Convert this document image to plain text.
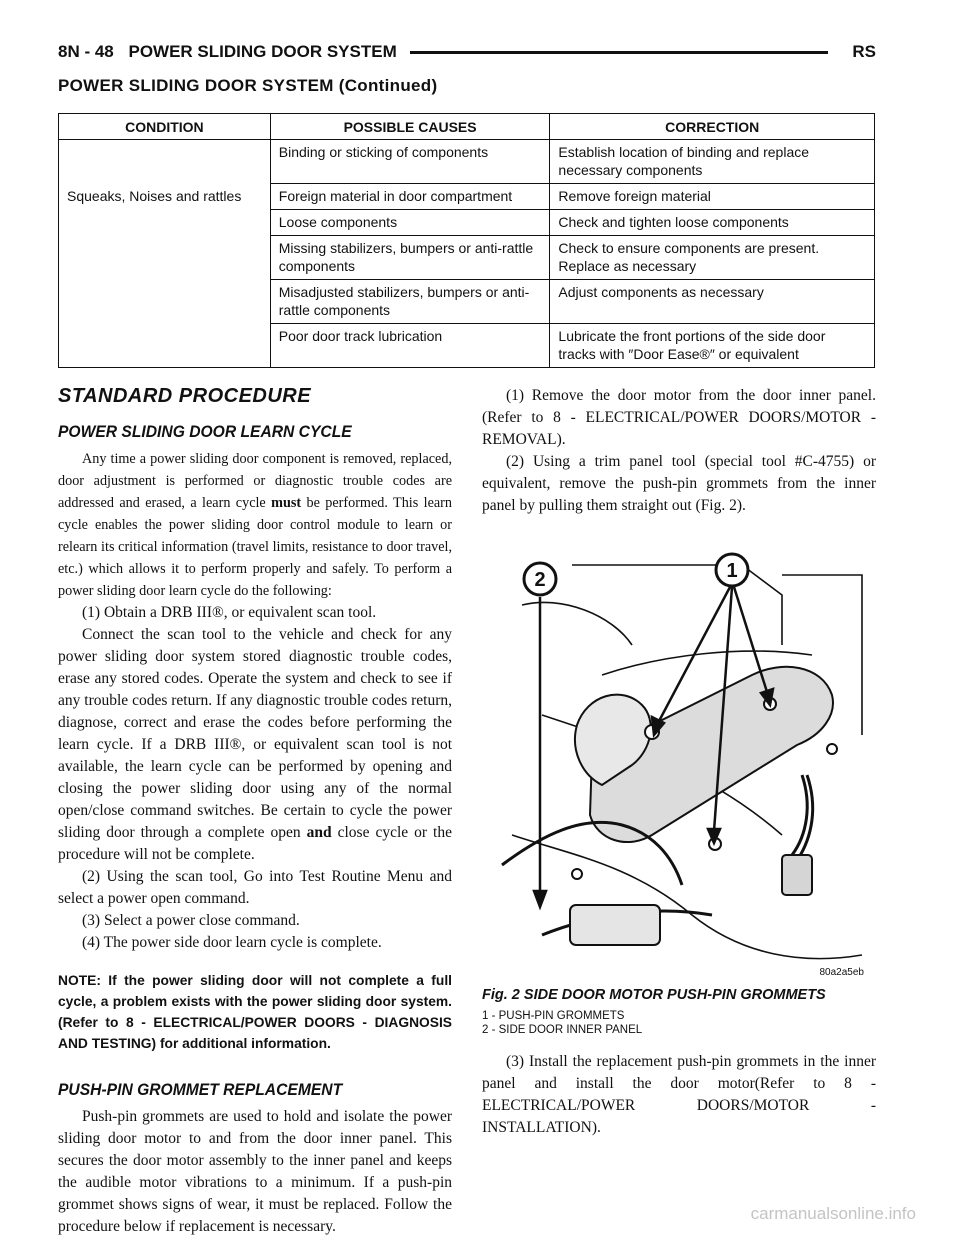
8N - 48 POWER SLIDING DOOR SYSTEM	RS
POWER SLIDING DOOR SYSTEM (Continued)
CONDITION	POSSIBLE CAUSES	CORRECTION
	Binding or sticking of components	Establish location of binding and replace necessary components
Squeaks, Noises and rattles	Foreign material in door compartment	Remove foreign material
	Loose components	Check and tighten loose components
	Missing stabilizers, bumpers or anti-rattle components	Check to ensure components are present. Replace as necessary
	Misadjusted stabilizers, bumpers or anti-rattle components	Adjust components as necessary
	Poor door track lubrication	Lubricate the front portions of the side door tracks with ″Door Ease®″ or equivalent
STANDARD PROCEDURE
POWER SLIDING DOOR LEARN CYCLE

Any time a power sliding door component is removed, replaced, door adjustment is performed or diagnostic trouble codes are addressed and erased, a learn cycle must be performed. This learn cycle enables the power sliding door control module to learn or relearn its critical information (travel limits, resistance to door travel, etc.) which allows it to perform properly and safely. To perform a power sliding door learn cycle do the following:

(1) Obtain a DRB III®, or equivalent scan tool.

Connect the scan tool to the vehicle and check for any power sliding door system stored diagnostic trouble codes, erase any stored codes. Operate the system and check to see if any trouble codes return. If any diagnostic trouble codes return, diagnose, correct and erase the codes before performing the learn cycle. If a DRB III®, or equivalent scan tool is not available, the learn cycle can be performed by opening and closing the power sliding door using any of the normal open/close command switches. Be certain to cycle the power sliding door through a complete open and close cycle or the procedure will not be complete.

(2) Using the scan tool, Go into Test Routine Menu and select a power open command.

(3) Select a power close command.

(4) The power side door learn cycle is complete.

NOTE: If the power sliding door will not complete a full cycle, a problem exists with the power sliding door system. (Refer to 8 - ELECTRICAL/POWER DOORS - DIAGNOSIS AND TESTING) for additional information.

PUSH-PIN GROMMET REPLACEMENT

Push-pin grommets are used to hold and isolate the power sliding door motor to and from the door inner panel. This secures the door motor assembly to the inner panel and keeps the audible motor vibrations to a minimum. If a push-pin grommet shows signs of wear, it must be replaced. Follow the procedure below if replacement is necessary.

(1) Remove the door motor from the door inner panel. (Refer to 8 - ELECTRICAL/POWER DOORS/MOTOR - REMOVAL).

(2) Using a trim panel tool (special tool #C-4755) or equivalent, remove the push-pin grommets from the inner panel by pulling them straight out (Fig. 2).

2	1
80a2a5eb
Fig. 2 SIDE DOOR MOTOR PUSH-PIN GROMMETS
1 - PUSH-PIN GROMMETS
2 - SIDE DOOR INNER PANEL

(3) Install the replacement push-pin grommets in the inner panel and install the door motor(Refer to 8 - ELECTRICAL/POWER DOORS/MOTOR - INSTALLATION).

carmanualsonline.info
